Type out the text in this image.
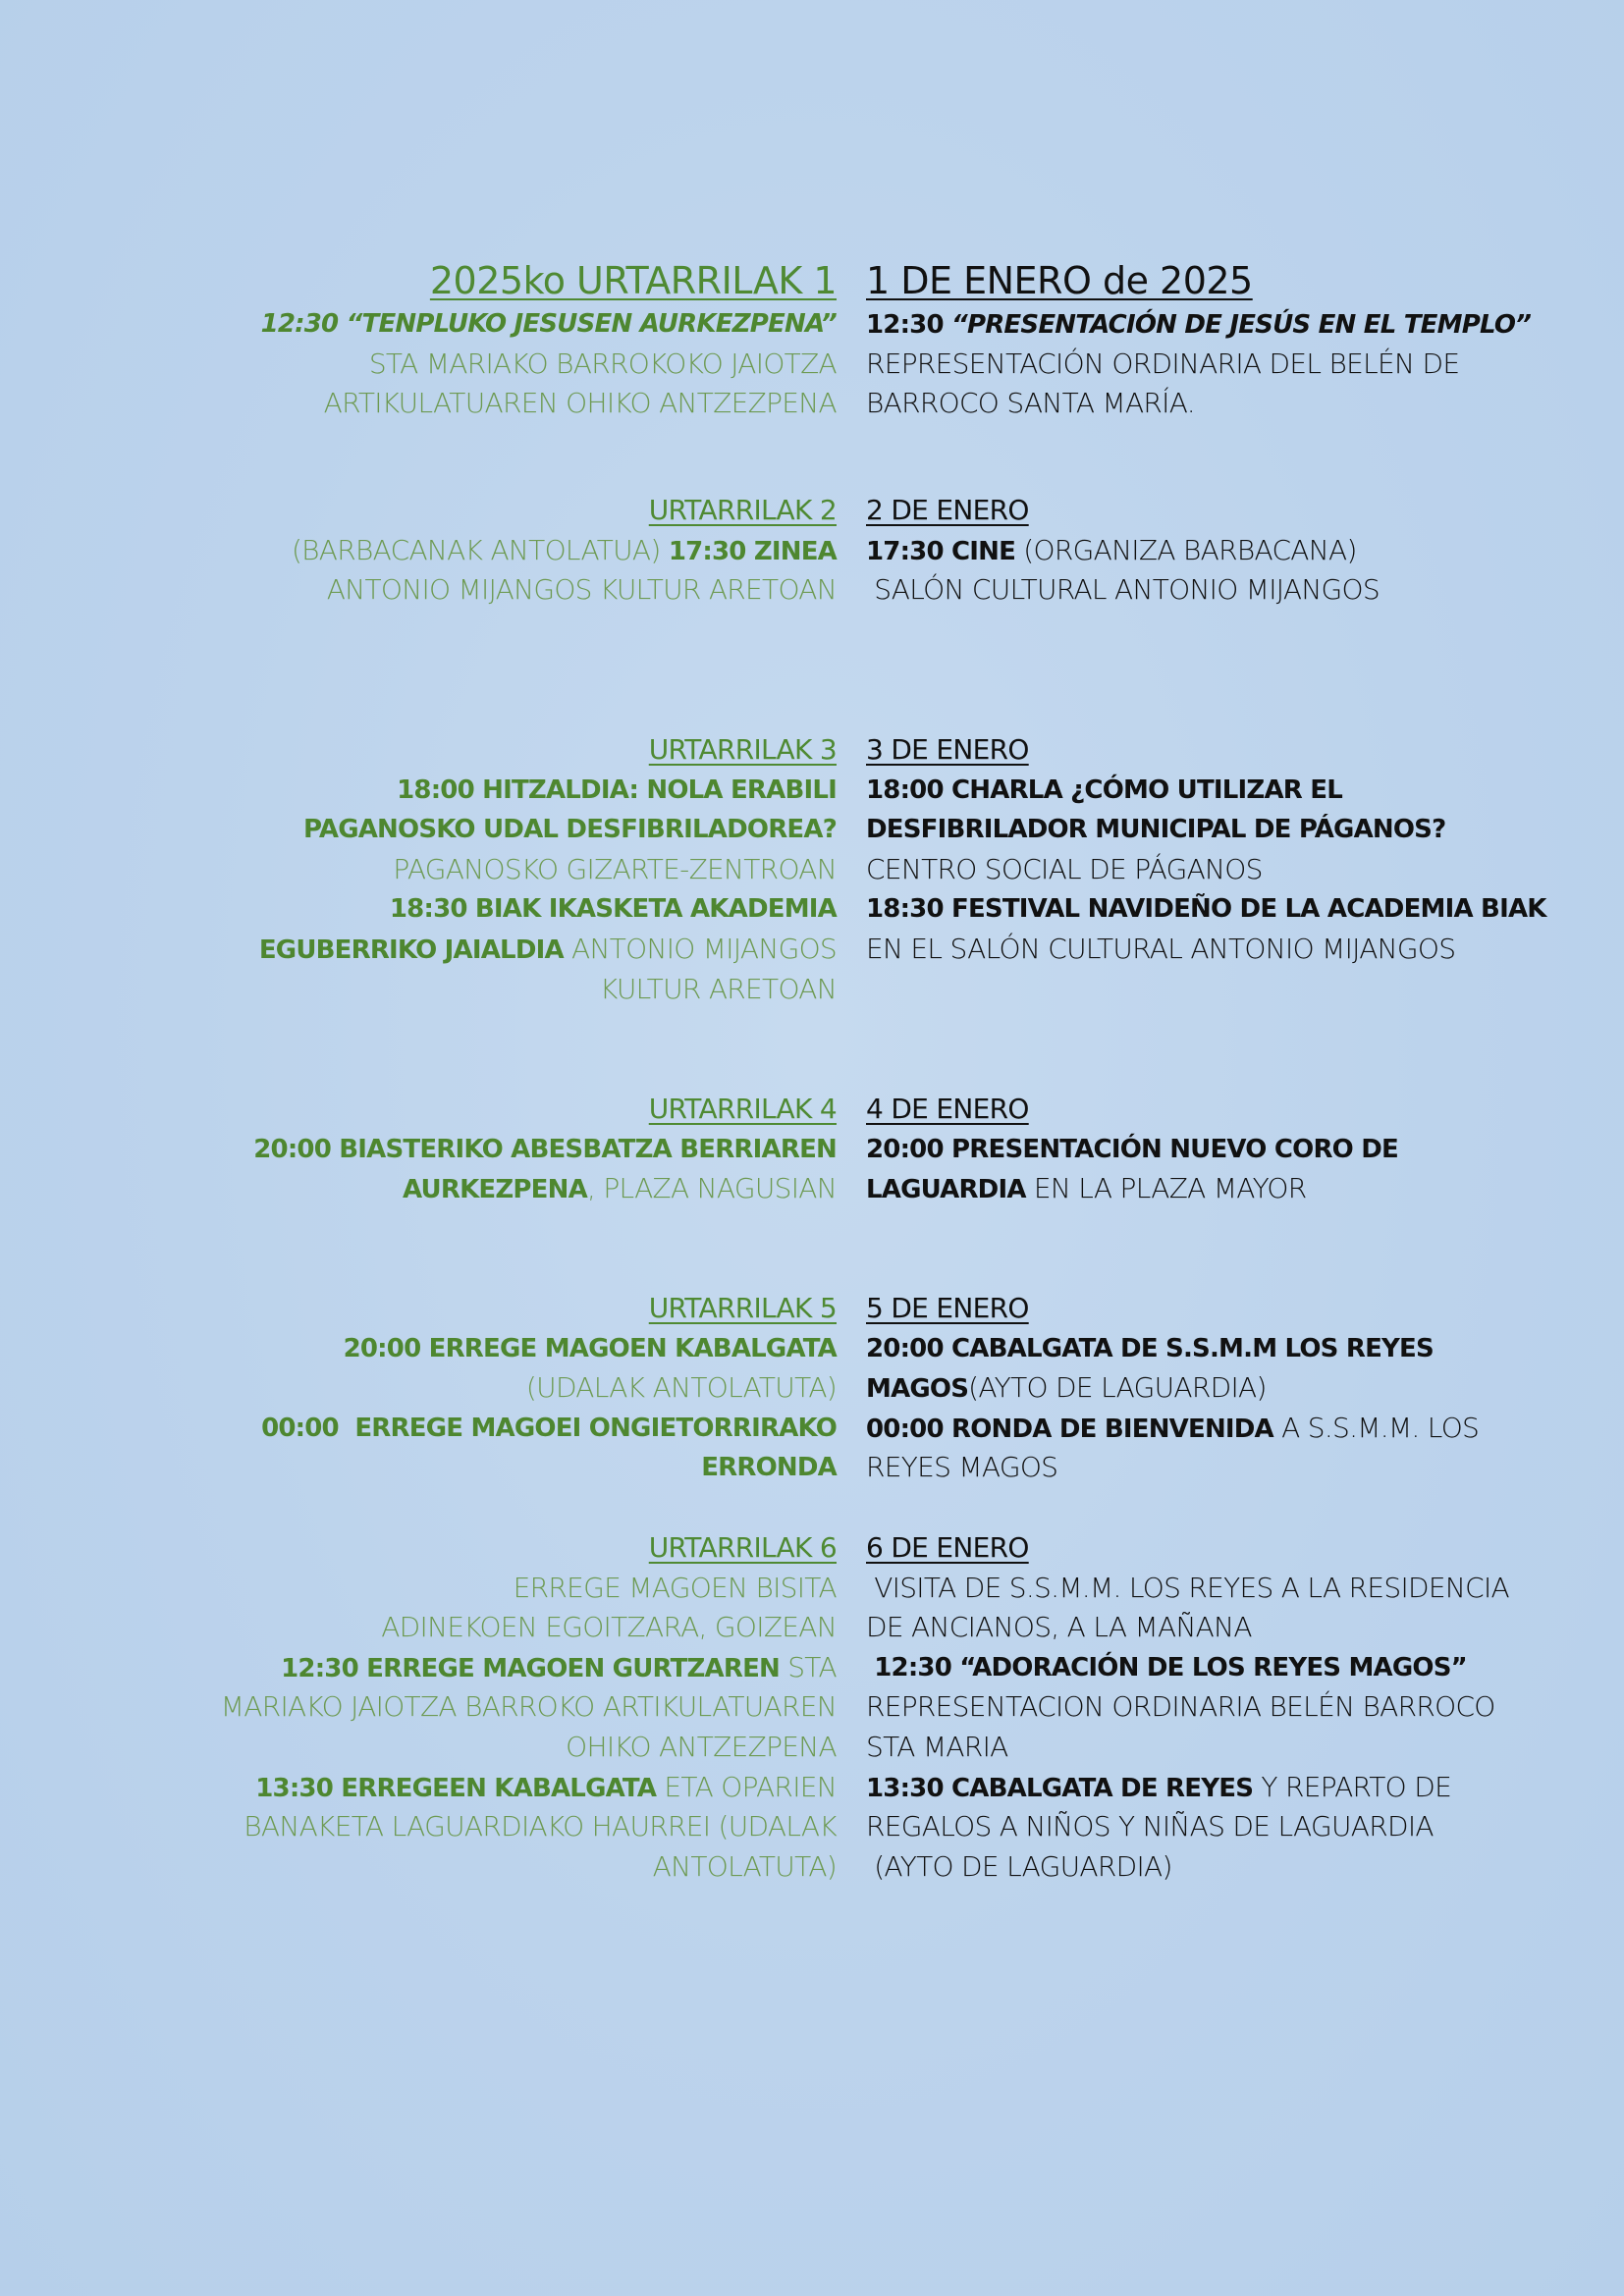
2025ko URTARRILAK 1
12:30 “TENPLUKO JESUSEN AURKEZPENA”
STA MARIAKO BARROKOKO JAIOTZA
ARTIKULATUAREN OHIKO ANTZEZPENA
1 DE ENERO de 2025
12:30 “PRESENTACIÓN DE JESÚS EN EL TEMPLO”
REPRESENTACIÓN ORDINARIA DEL BELÉN DE
BARROCO SANTA MARÍA.
URTARRILAK 2
(BARBACANAK ANTOLATUA) 17:30 ZINEA
ANTONIO MIJANGOS KULTUR ARETOAN
2 DE ENERO
17:30 CINE (ORGANIZA BARBACANA)
SALÓN CULTURAL ANTONIO MIJANGOS
URTARRILAK 3
18:00 HITZALDIA: NOLA ERABILI
PAGANOSKO UDAL DESFIBRILADOREA?
PAGANOSKO GIZARTE-ZENTROAN
18:30 BIAK IKASKETA AKADEMIA
EGUBERRIKO JAIALDIA ANTONIO MIJANGOS
KULTUR ARETOAN
3 DE ENERO
18:00 CHARLA ¿CÓMO UTILIZAR EL
DESFIBRILADOR MUNICIPAL DE PÁGANOS?
CENTRO SOCIAL DE PÁGANOS
18:30 FESTIVAL NAVIDEÑO DE LA ACADEMIA BIAK
EN EL SALÓN CULTURAL ANTONIO MIJANGOS
URTARRILAK 4
20:00 BIASTERIKO ABESBATZA BERRIAREN
AURKEZPENA, PLAZA NAGUSIAN
4 DE ENERO
20:00 PRESENTACIÓN NUEVO CORO DE
LAGUARDIA EN LA PLAZA MAYOR
URTARRILAK 5
20:00 ERREGE MAGOEN KABALGATA
(UDALAK ANTOLATUTA)
00:00  ERREGE MAGOEI ONGIETORRIRAKO
ERRONDA
5 DE ENERO
20:00 CABALGATA DE S.S.M.M LOS REYES
MAGOS(AYTO DE LAGUARDIA)
00:00 RONDA DE BIENVENIDA A S.S.M.M. LOS
REYES MAGOS
URTARRILAK 6
ERREGE MAGOEN BISITA
ADINEKOEN EGOITZARA, GOIZEAN
12:30 ERREGE MAGOEN GURTZAREN STA
MARIAKO JAIOTZA BARROKO ARTIKULATUAREN
OHIKO ANTZEZPENA
13:30 ERREGEEN KABALGATA ETA OPARIEN
BANAKETA LAGUARDIAKO HAURREI (UDALAK
ANTOLATUTA)
6 DE ENERO
VISITA DE S.S.M.M. LOS REYES A LA RESIDENCIA
DE ANCIANOS, A LA MAÑANA
12:30 “ADORACIÓN DE LOS REYES MAGOS”
REPRESENTACION ORDINARIA BELÉN BARROCO
STA MARIA
13:30 CABALGATA DE REYES Y REPARTO DE
REGALOS A NIÑOS Y NIÑAS DE LAGUARDIA
(AYTO DE LAGUARDIA)
